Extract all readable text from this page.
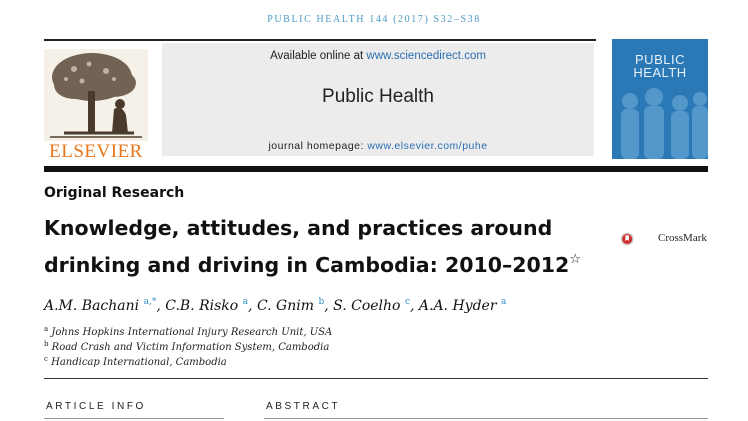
PUBLIC HEALTH 144 (2017) S32–S38
ELSEVIER
Available online at www.sciencedirect.com
Public Health
journal homepage: www.elsevier.com/puhe
PUBLIC
HEALTH
Original Research
Knowledge, attitudes, and practices around
drinking and driving in Cambodia: 2010–2012☆
CrossMark
A.M. Bachani $^{a,*}$, C.B. Risko $^a$, C. Gnim $^b$, S. Coelho $^c$, A.A. Hyder $^a$
$^a$ Johns Hopkins International Injury Research Unit, USA
$^b$ Road Crash and Victim Information System, Cambodia
$^c$ Handicap International, Cambodia
ARTICLE INFO	ABSTRACT
